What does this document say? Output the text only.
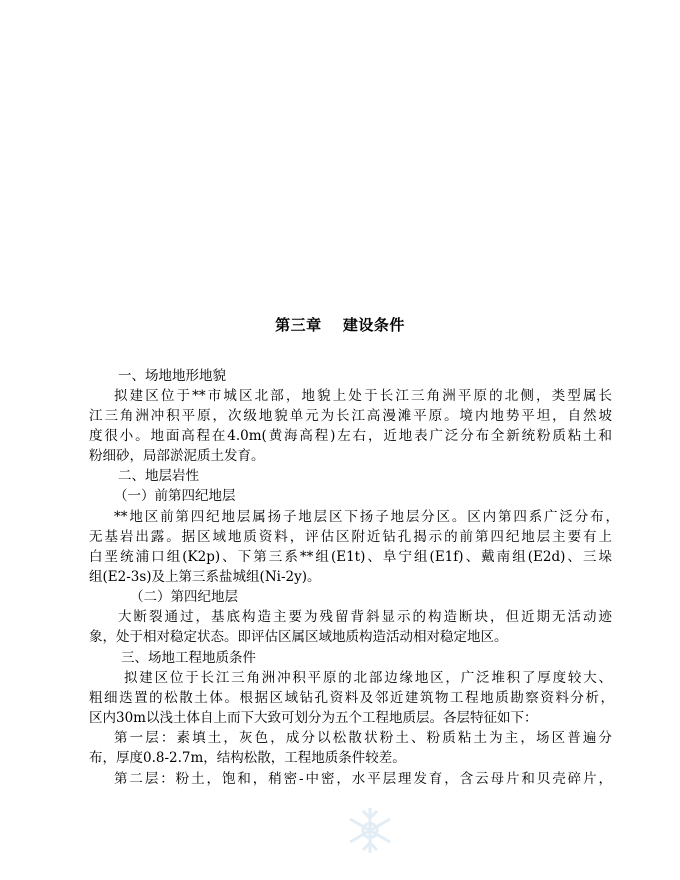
第三章　 建设条件
一、场地地形地貌
拟建区位于**市城区北部，地貌上处于长江三角洲平原的北侧，类型属长
江三角洲冲积平原，次级地貌单元为长江高漫滩平原。境内地势平坦，自然坡
度很小。地面高程在4.0m(黄海高程)左右，近地表广泛分布全新统粉质粘土和
粉细砂，局部淤泥质土发育。
二、地层岩性
（一）前第四纪地层
**地区前第四纪地层属扬子地层区下扬子地层分区。区内第四系广泛分布，
无基岩出露。据区域地质资料，评估区附近钻孔揭示的前第四纪地层主要有上
白垩统浦口组(K2p)、下第三系**组(E1t)、阜宁组(E1f)、戴南组(E2d)、三垛
组(E2-3s)及上第三系盐城组(Ni-2y)。
（二）第四纪地层
大断裂通过，基底构造主要为残留背斜显示的构造断块，但近期无活动迹
象，处于相对稳定状态。即评估区属区域地质构造活动相对稳定地区。
三、场地工程地质条件
拟建区位于长江三角洲冲积平原的北部边缘地区，广泛堆积了厚度较大、
粗细迭置的松散土体。根据区域钻孔资料及邻近建筑物工程地质勘察资料分析，
区内30m以浅土体自上而下大致可划分为五个工程地质层。各层特征如下：
第一层：素填土，灰色，成分以松散状粉土、粉质粘土为主，场区普遍分
布，厚度0.8-2.7m，结构松散，工程地质条件较差。
第二层：粉土，饱和，稍密-中密，水平层理发育，含云母片和贝壳碎片，
